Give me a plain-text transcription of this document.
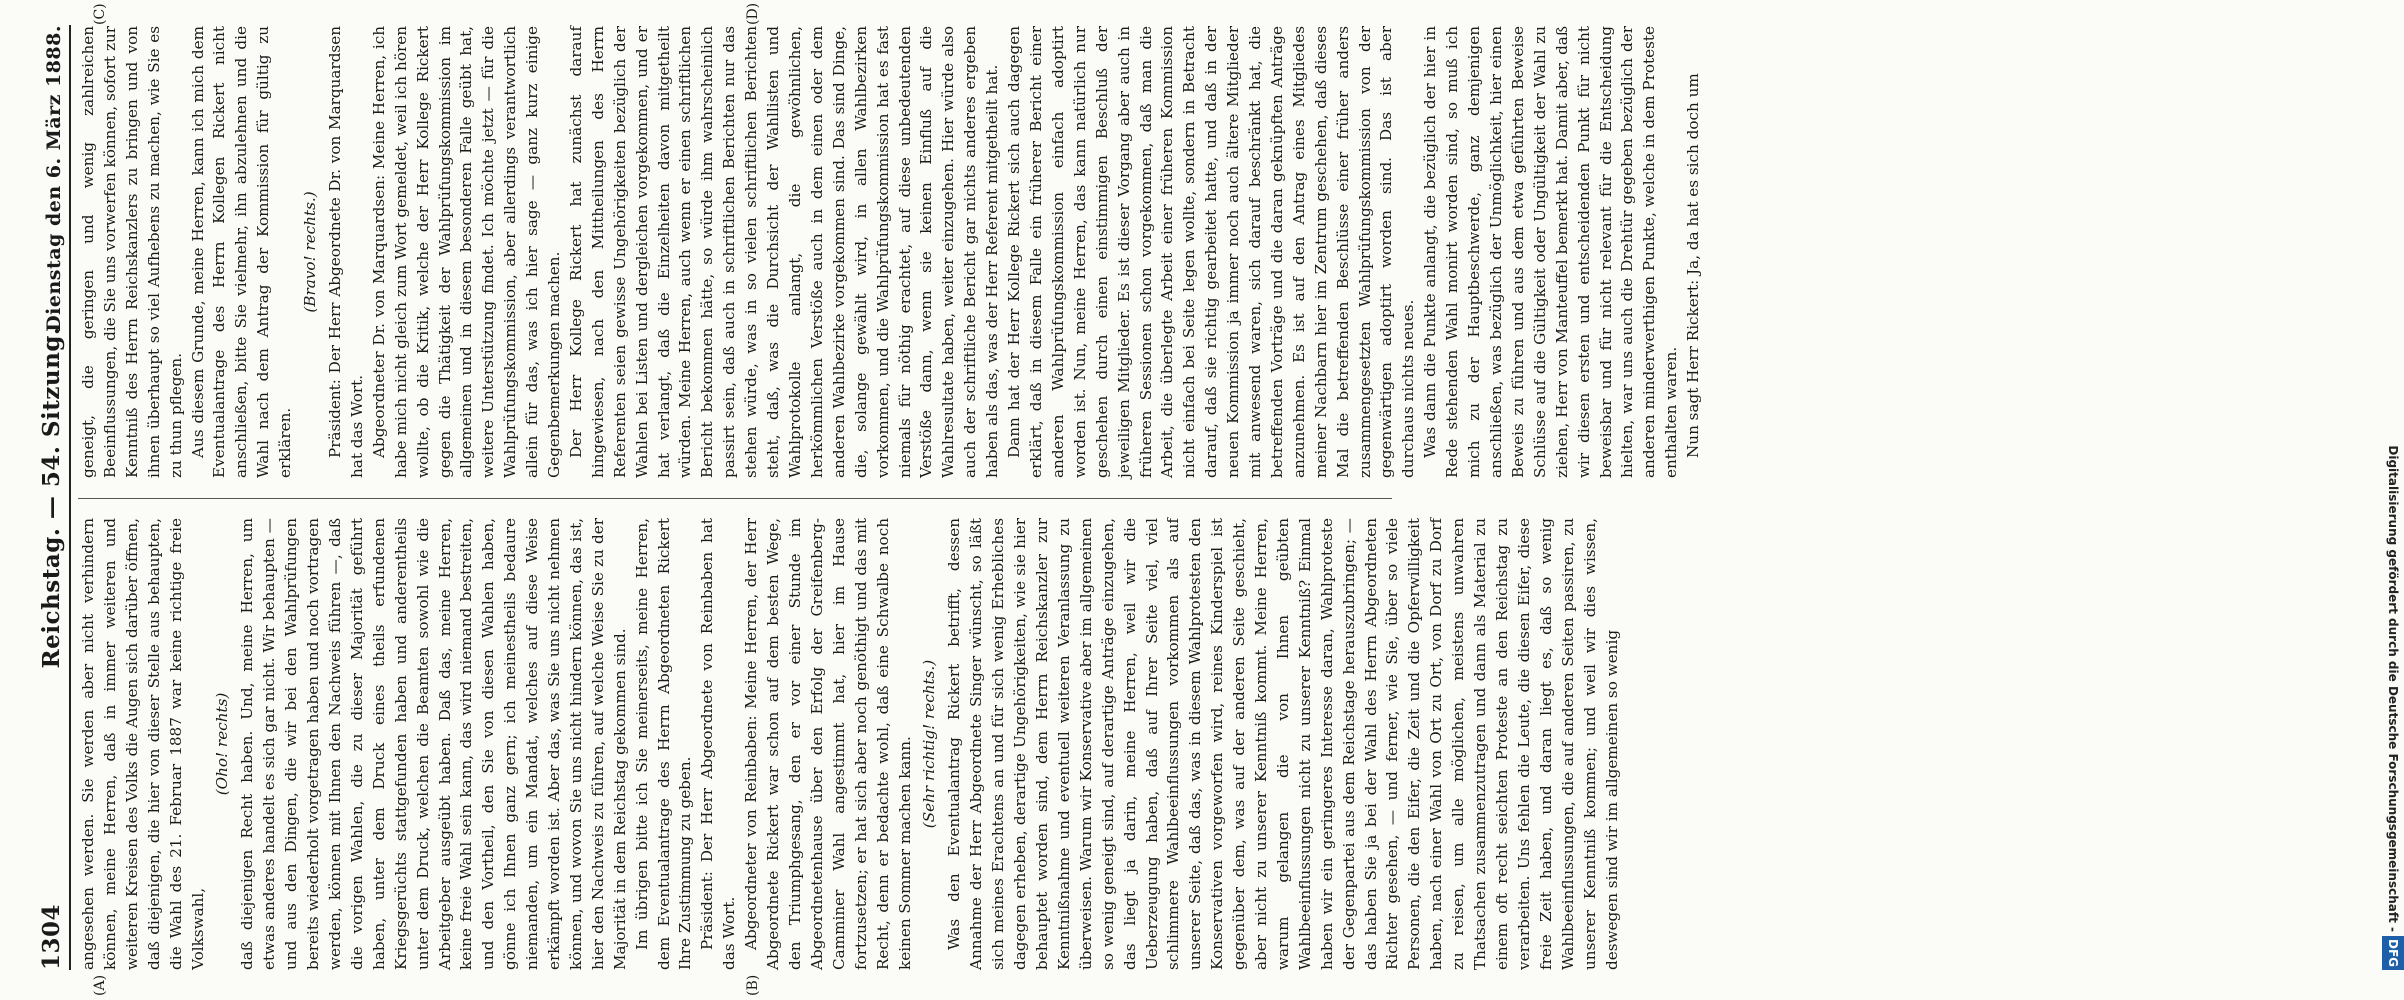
1304
Reichstag. — 54. Sitzung.
Dienstag den 6. März 1888.
(A)	(B)
(C)	(D)

angesehen werden. Sie werden aber nicht verhindern können, meine Herren, daß in immer weiteren und weiteren Kreisen des Volks die Augen sich darüber öffnen, daß diejenigen, die hier von dieser Stelle aus behaupten, die Wahl des 21. Februar 1887 war keine richtige freie Volkswahl,

(Oho! rechts) daß diejenigen Recht haben. Und, meine Herren, um etwas anderes handelt es sich gar nicht. Wir behaupten — und aus den Dingen, die wir bei den Wahlprüfungen bereits wiederholt vorgetragen haben und noch vortragen werden, können mit Ihnen den Nachweis führen —, daß die vorigen Wahlen, die zu dieser Majorität geführt haben, unter dem Druck eines theils erfundenen Kriegsgerüchts stattgefunden haben und anderentheils unter dem Druck, welchen die Beamten sowohl wie die Arbeitgeber ausgeübt haben. Daß das, meine Herren, keine freie Wahl sein kann, das wird niemand bestreiten, und den Vortheil, den Sie von diesen Wahlen haben, gönne ich Ihnen ganz gern; ich meinestheils bedaure niemanden, um ein Mandat, welches auf diese Weise erkämpft worden ist. Aber das, was Sie uns nicht nehmen können, und wovon Sie uns nicht hindern können, das ist, hier den Nachweis zu führen, auf welche Weise Sie zu der Majorität in dem Reichstag gekommen sind. Im übrigen bitte ich Sie meinerseits, meine Herren, dem Eventualantrage des Herrn Abgeordneten Rickert Ihre Zustimmung zu geben. Präsident: Der Herr Abgeordnete von Reinbaben hat das Wort. Abgeordneter von Reinbaben: Meine Herren, der Herr Abgeordnete Rickert war schon auf dem besten Wege, den Triumphgesang, den er vor einer Stunde im Abgeordnetenhause über den Erfolg der Greifenberg-Camminer Wahl angestimmt hat, hier im Hause fortzusetzen; er hat sich aber noch genöthigt und das mit Recht, denn er bedachte wohl, daß eine Schwalbe noch keinen Sommer machen kann. (Sehr richtig! rechts.) Was den Eventualantrag Rickert betrifft, dessen Annahme der Herr Abgeordnete Singer wünscht, so läßt sich meines Erachtens an und für sich wenig Erhebliches dagegen erheben, derartige Ungehörigkeiten, wie sie hier behauptet worden sind, dem Herrn Reichskanzler zur Kenntnißnahme und eventuell weiteren Veranlassung zu überweisen. Warum wir Konservative aber im allgemeinen so wenig geneigt sind, auf derartige Anträge einzugehen, das liegt ja darin, meine Herren, weil wir die Ueberzeugung haben, daß auf Ihrer Seite viel, viel schlimmere Wahlbeeinflussungen vorkommen als auf unserer Seite, daß das, was in diesem Wahlprotesten den Konservativen vorgeworfen wird, reines Kinderspiel ist gegenüber dem, was auf der anderen Seite geschieht, aber nicht zu unserer Kenntniß kommt. Meine Herren, warum gelangen die von Ihnen geübten Wahlbeeinflussungen nicht zu unserer Kenntniß? Einmal haben wir ein geringeres Interesse daran, Wahlproteste der Gegenpartei aus dem Reichstage herauszubringen; — das haben Sie ja bei der Wahl des Herrn Abgeordneten Richter gesehen, — und ferner, wie Sie, über so viele Personen, die den Eifer, die Zeit und die Opferwilligkeit haben, nach einer Wahl von Ort zu Ort, von Dorf zu Dorf zu reisen, um alle möglichen, meistens unwahren Thatsachen zusammenzutragen und dann als Material zu einem oft recht seichten Proteste an den Reichstag zu verarbeiten. Uns fehlen die Leute, die diesen Eifer, diese freie Zeit haben, und daran liegt es, daß so wenig Wahlbeeinflussungen, die auf anderen Seiten passiren, zu unserer Kenntniß kommen; und weil wir dies wissen, deswegen sind wir im allgemeinen so wenig

geneigt, die geringen und wenig zahlreichen Beeinflussungen, die Sie uns vorwerfen können, sofort zur Kenntniß des Herrn Reichskanzlers zu bringen und von ihnen überhaupt so viel Aufhebens zu machen, wie Sie es zu thun pflegen. Aus diesem Grunde, meine Herren, kann ich mich dem Eventualantrage des Herrn Kollegen Rickert nicht anschließen, bitte Sie vielmehr, ihn abzulehnen und die Wahl nach dem Antrag der Kommission für gültig zu erklären.

(Bravo! rechts.) Präsident: Der Herr Abgeordnete Dr. von Marquardsen hat das Wort. Abgeordneter Dr. von Marquardsen: Meine Herren, ich habe mich nicht gleich zum Wort gemeldet, weil ich hören wollte, ob die Kritik, welche der Herr Kollege Rickert gegen die Thätigkeit der Wahlprüfungskommission im allgemeinen und in diesem besonderen Falle geübt hat, weitere Unterstützung findet. Ich möchte jetzt — für die Wahlprüfungskommission, aber allerdings verantwortlich allein für das, was ich hier sage — ganz kurz einige Gegenbemerkungen machen. Der Herr Kollege Rickert hat zunächst darauf hingewiesen, nach den Mittheilungen des Herrn Referenten seien gewisse Ungehörigkeiten bezüglich der Wahlen bei Listen und dergleichen vorgekommen, und er hat verlangt, daß die Einzelheiten davon mitgetheilt würden. Meine Herren, auch wenn er einen schriftlichen Bericht bekommen hätte, so würde ihm wahrscheinlich passirt sein, daß auch in schriftlichen Berichten nur das stehen würde, was in so vielen schriftlichen Berichten steht, daß, was die Durchsicht der Wahllisten und Wahlprotokolle anlangt, die gewöhnlichen, herkömmlichen Verstöße auch in dem einen oder dem anderen Wahlbezirke vorgekommen sind. Das sind Dinge, die, solange gewählt wird, in allen Wahlbezirken vorkommen, und die Wahlprüfungskommission hat es fast niemals für nöthig erachtet, auf diese unbedeutenden Verstöße dann, wenn sie keinen Einfluß auf die Wahlresultate haben, weiter einzugehen. Hier würde also auch der schriftliche Bericht gar nichts anderes ergeben haben als das, was der Herr Referent mitgetheilt hat. Dann hat der Herr Kollege Rickert sich auch dagegen erklärt, daß in diesem Falle ein früherer Bericht einer anderen Wahlprüfungskommission einfach adoptirt worden ist. Nun, meine Herren, das kann natürlich nur geschehen durch einen einstimmigen Beschluß der jeweiligen Mitglieder. Es ist dieser Vorgang aber auch in früheren Sessionen schon vorgekommen, daß man die Arbeit, die überlegte Arbeit einer früheren Kommission nicht einfach bei Seite legen wollte, sondern in Betracht darauf, daß sie richtig gearbeitet hatte, und daß in der neuen Kommission ja immer noch auch ältere Mitglieder mit anwesend waren, sich darauf beschränkt hat, die betreffenden Vorträge und die daran geknüpften Anträge anzunehmen. Es ist auf den Antrag eines Mitgliedes meiner Nachbarn hier im Zentrum geschehen, daß dieses Mal die betreffenden Beschlüsse einer früher anders zusammengesetzten Wahlprüfungskommission von der gegenwärtigen adoptirt worden sind. Das ist aber durchaus nichts neues. Was dann die Punkte anlangt, die bezüglich der hier in Rede stehenden Wahl monirt worden sind, so muß ich mich zu der Hauptbeschwerde, ganz demjenigen anschließen, was bezüglich der Unmöglichkeit, hier einen Beweis zu führen und aus dem etwa geführten Beweise Schlüsse auf die Gültigkeit oder Ungültigkeit der Wahl zu ziehen, Herr von Manteuffel bemerkt hat. Damit aber, daß wir diesen ersten und entscheidenden Punkt für nicht beweisbar und für nicht relevant für die Entscheidung hielten, war uns auch die Drehtür gegeben bezüglich der anderen minderwerthigen Punkte, welche in dem Proteste enthalten waren. Nun sagt Herr Rickert: Ja, da hat es sich doch um

Digitalisierung gefördert durch die Deutsche Forschungsgemeinschaft -DFG
